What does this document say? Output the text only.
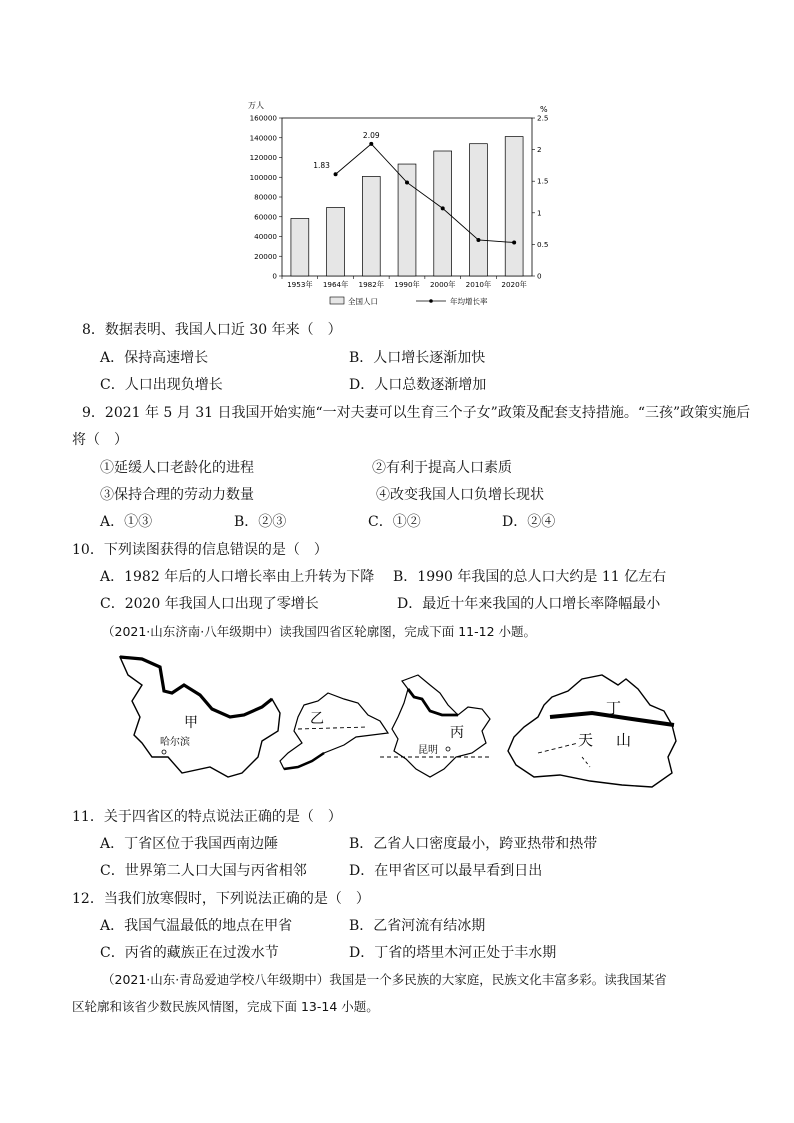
万人	%
0
20000
40000
60000
80000
100000
120000
140000
160000
0
0.5
1
1.5
2
2.5
1953年 1964年 1982年 1990年 2000年 2010年 2020年
1.83
2.09
全国人口	年均增长率
8．数据表明、我国人口近 30 年来（　）
A．保持高速增长	B．人口增长逐渐加快
C．人口出现负增长	D．人口总数逐渐增加
9．2021 年 5 月 31 日我国开始实施“一对夫妻可以生育三个子女”政策及配套支持措施。“三孩”政策实施后
将（　）
①延缓人口老龄化的进程	②有利于提高人口素质
③保持合理的劳动力数量	④改变我国人口负增长现状
A．①③	B．②③	C．①②	D．②④
10．下列读图获得的信息错误的是（　）
A．1982 年后的人口增长率由上升转为下降 B．1990 年我国的总人口大约是 11 亿左右
C．2020 年我国人口出现了零增长	D．最近十年来我国的人口增长率降幅最小
（2021·山东济南·八年级期中）读我国四省区轮廓图，完成下面 11-12 小题。
甲
哈尔滨
乙
丙
昆明
丁
天 山
11．关于四省区的特点说法正确的是（　）
A．丁省区位于我国西南边陲	B．乙省人口密度最小，跨亚热带和热带
C．世界第二人口大国与丙省相邻	D．在甲省区可以最早看到日出
12．当我们放寒假时，下列说法正确的是（　）
A．我国气温最低的地点在甲省	B．乙省河流有结冰期
C．丙省的藏族正在过泼水节	D．丁省的塔里木河正处于丰水期
（2021·山东·青岛爱迪学校八年级期中）我国是一个多民族的大家庭，民族文化丰富多彩。读我国某省
区轮廓和该省少数民族风情图，完成下面 13-14 小题。
